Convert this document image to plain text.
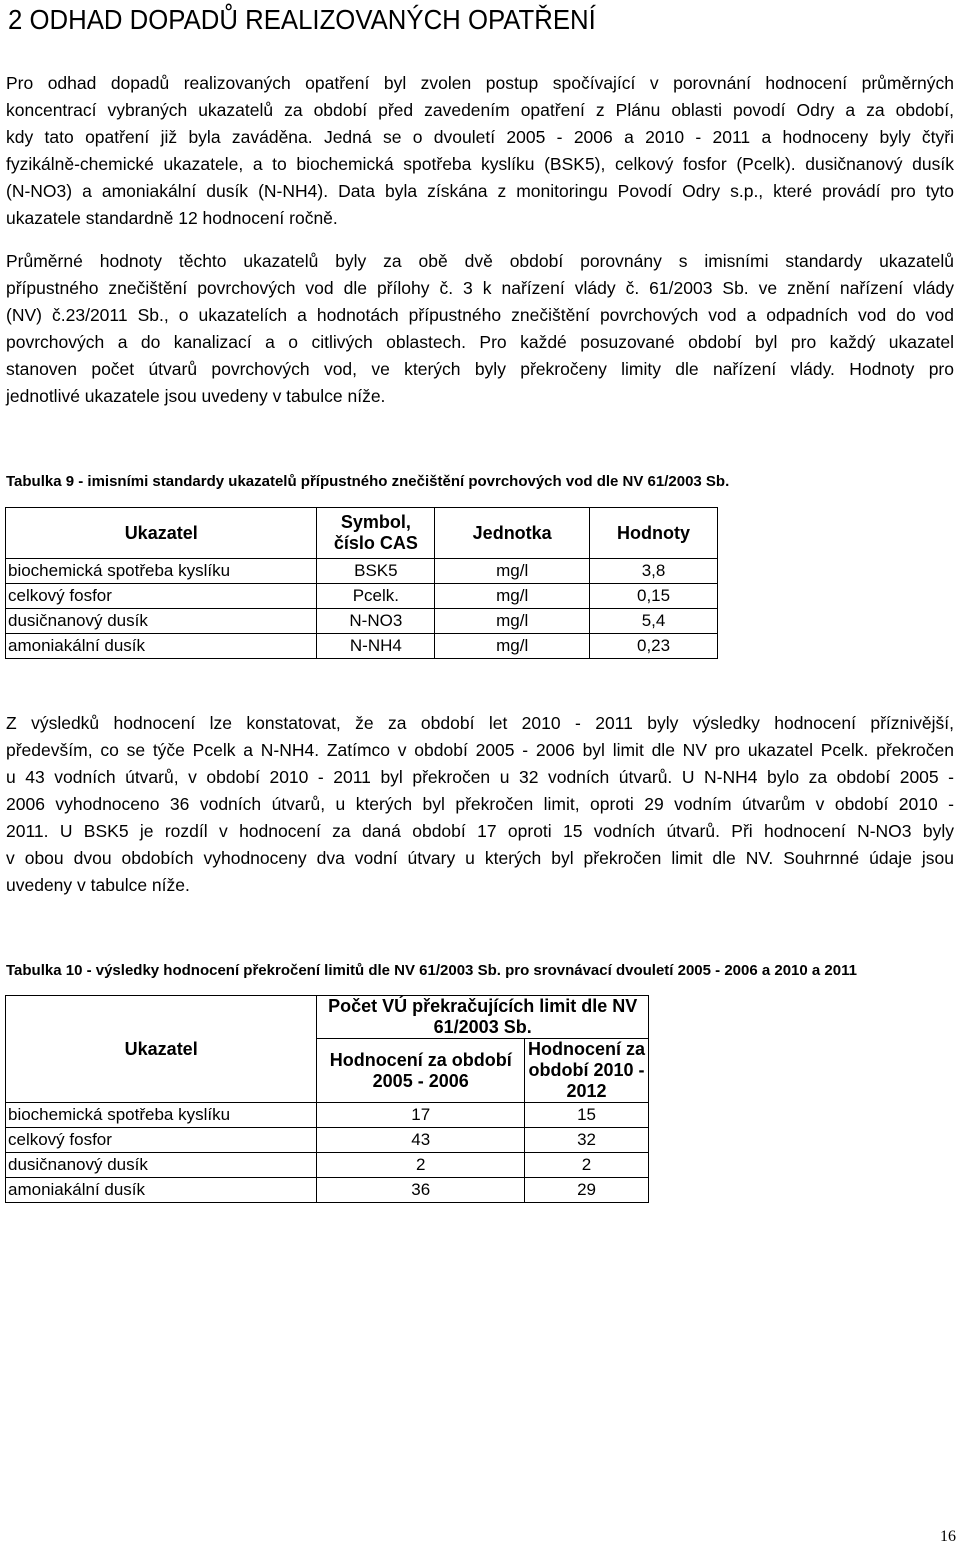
2 ODHAD DOPADŮ REALIZOVANÝCH OPATŘENÍ

Pro odhad dopadů realizovaných opatření byl zvolen postup spočívající v porovnání hodnocení průměrných
koncentrací vybraných ukazatelů za období před zavedením opatření z Plánu oblasti povodí Odry a za období,
kdy tato opatření již byla zaváděna. Jedná se o dvouletí 2005 - 2006 a 2010 - 2011 a hodnoceny byly čtyři
fyzikálně-chemické ukazatele, a to biochemická spotřeba kyslíku (BSK5), celkový fosfor (Pcelk). dusičnanový dusík
(N-NO3) a amoniakální dusík (N-NH4). Data byla získána z monitoringu Povodí Odry s.p., které provádí pro tyto
ukazatele standardně 12 hodnocení ročně.

Průměrné hodnoty těchto ukazatelů byly za obě dvě období porovnány s imisními standardy ukazatelů
přípustného znečištění povrchových vod dle přílohy č. 3 k nařízení vlády č. 61/2003 Sb. ve znění nařízení vlády
(NV) č.23/2011 Sb., o ukazatelích a hodnotách přípustného znečištění povrchových vod a odpadních vod do vod
povrchových a do kanalizací a o citlivých oblastech. Pro každé posuzované období byl pro každý ukazatel
stanoven počet útvarů povrchových vod, ve kterých byly překročeny limity dle nařízení vlády. Hodnoty pro
jednotlivé ukazatele jsou uvedeny v tabulce níže.

Tabulka 9 - imisními standardy ukazatelů přípustného znečištění povrchových vod dle NV 61/2003 Sb.

Ukazatel	Symbol, číslo CAS	Jednotka	Hodnoty
biochemická spotřeba kyslíku	BSK5	mg/l	3,8
celkový fosfor	Pcelk.	mg/l	0,15
dusičnanový dusík	N-NO3	mg/l	5,4
amoniakální dusík	N-NH4	mg/l	0,23

Z výsledků hodnocení lze konstatovat, že za období let 2010 - 2011 byly výsledky hodnocení příznivější,
především, co se týče Pcelk a N-NH4. Zatímco v období 2005 - 2006 byl limit dle NV pro ukazatel Pcelk. překročen
u 43 vodních útvarů, v období 2010 - 2011 byl překročen u 32 vodních útvarů. U N-NH4 bylo za období 2005 -
2006 vyhodnoceno 36 vodních útvarů, u kterých byl překročen limit, oproti 29 vodním útvarům v období 2010 -
2011. U BSK5 je rozdíl v hodnocení za daná období 17 oproti 15 vodních útvarů. Při hodnocení N-NO3 byly
v obou dvou obdobích vyhodnoceny dva vodní útvary u kterých byl překročen limit dle NV. Souhrnné údaje jsou
uvedeny v tabulce níže.

Tabulka 10 - výsledky hodnocení překročení limitů dle NV 61/2003 Sb. pro srovnávací dvouletí 2005 - 2006 a 2010 a 2011

Ukazatel	Počet VÚ překračujících limit dle NV 61/2003 Sb.	
	Hodnocení za období 2005 - 2006	Hodnocení za období 2010 - 2012
biochemická spotřeba kyslíku	17	15
celkový fosfor	43	32
dusičnanový dusík	2	2
amoniakální dusík	36	29
16
